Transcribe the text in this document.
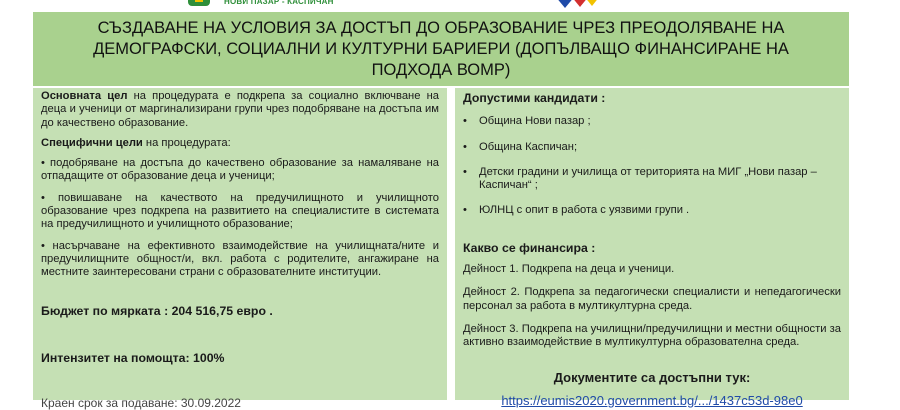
НОВИ ПАЗАР - КАСПИЧАН
СЪЗДАВАНЕ НА УСЛОВИЯ ЗА ДОСТЪП ДО ОБРАЗОВАНИЕ ЧРЕЗ ПРЕОДОЛЯВАНЕ НА ДЕМОГРАФСКИ, СОЦИАЛНИ И КУЛТУРНИ БАРИЕРИ (ДОПЪЛВАЩО ФИНАНСИРАНЕ НА ПОДХОДА ВОМР)

Основната цел на процедурата е подкрепа за социално включване на деца и ученици от маргинализирани групи чрез подобряване на достъпа им до качествено образование.

Специфични цели на процедурата:

• подобряване на достъпа до качествено образование за намаляване на отпадащите от образование деца и ученици;

• повишаване на качеството на предучилищното и училищното образование чрез подкрепа на развитието на специалистите в системата на предучилищното и училищното образование;

• насърчаване на ефективното взаимодействие на училищната/ните и предучилищните общност/и, вкл. работа с родителите, ангажиране на местните заинтересовани страни с образователните институции.

Бюджет по мярката : 204 516,75 евро .
Интензитет на помощта: 100%
Краен срок за подаване: 30.09.2022
Допустими кандидати :
•	Община Нови пазар ;
•	Община Каспичан;
•	Детски градини и училища от територията на МИГ „Нови пазар – Каспичан“ ;
•	ЮЛНЦ с опит в работа с уязвими групи .
Какво се финансира :

Дейност 1. Подкрепа на деца и ученици.

Дейност 2. Подкрепа за педагогически специалисти и непедагогически персонал за работа в мултикултурна среда.

Дейност 3. Подкрепа на училищни/предучилищни и местни общности за активно взаимодействие в мултикултурна образователна среда.

Документите са достъпни тук:
https://eumis2020.government.bg/.../1437c53d-98e0
